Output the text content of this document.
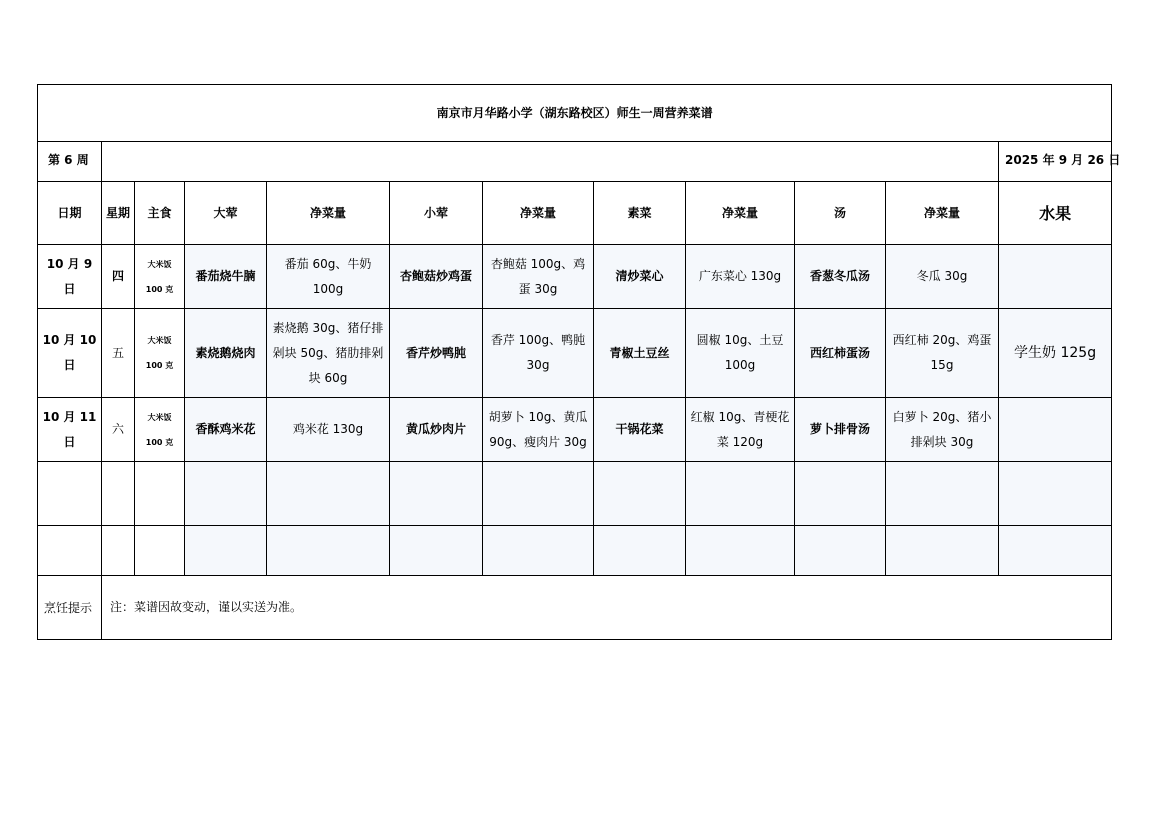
南京市月华路小学（湖东路校区）师生一周营养菜谱											
第 6 周											2025 年 9 月 26 日
日期	星期	主食	大荤	净菜量	小荤	净菜量	素菜	净菜量	汤	净菜量	水果
10 月 9 日	四	大米饭
100 克	番茄烧牛腩	番茄 60g、牛奶 100g	杏鲍菇炒鸡蛋	杏鲍菇 100g、鸡蛋 30g	清炒菜心	广东菜心 130g	香葱冬瓜汤	冬瓜 30g	
10 月 10 日	五	大米饭
100 克	素烧鹅烧肉	素烧鹅 30g、猪仔排剁块 50g、猪肋排剁块 60g	香芹炒鸭肫	香芹 100g、鸭肫 30g	青椒土豆丝	圆椒 10g、土豆 100g	西红柿蛋汤	西红柿 20g、鸡蛋 15g	学生奶 125g
10 月 11 日	六	大米饭
100 克	香酥鸡米花	鸡米花 130g	黄瓜炒肉片	胡萝卜 10g、黄瓜 90g、瘦肉片 30g	干锅花菜	红椒 10g、青梗花菜 120g	萝卜排骨汤	白萝卜 20g、猪小排剁块 30g	

烹饪提示	注：菜谱因故变动，谨以实送为准。										
